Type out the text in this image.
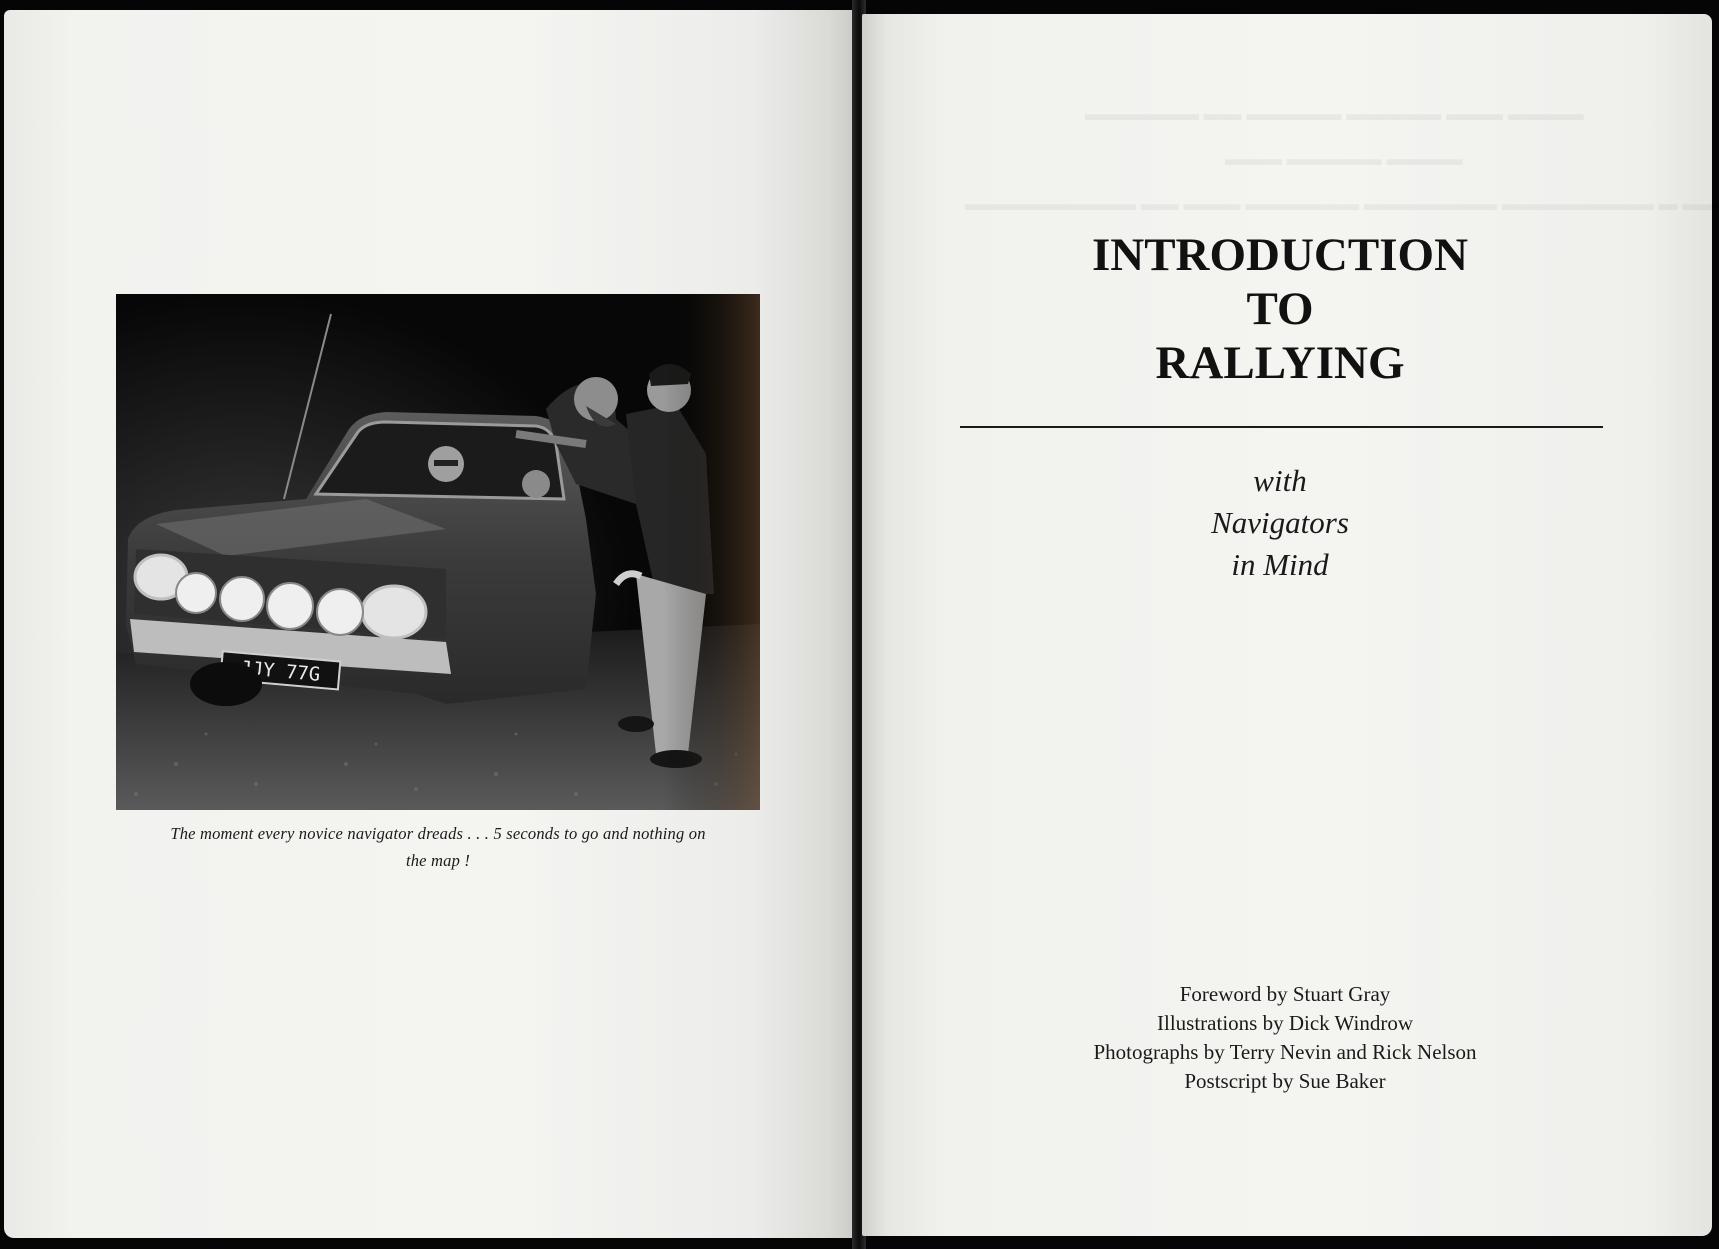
The moment every novice navigator dreads . . . 5 seconds to go and nothing on
the map !
INTRODUCTION
TO
RALLYING
with
Navigators
in Mind
Foreword by Stuart Gray
Illustrations by Dick Windrow
Photographs by Terry Nevin and Rick Nelson
Postscript by Sue Baker
